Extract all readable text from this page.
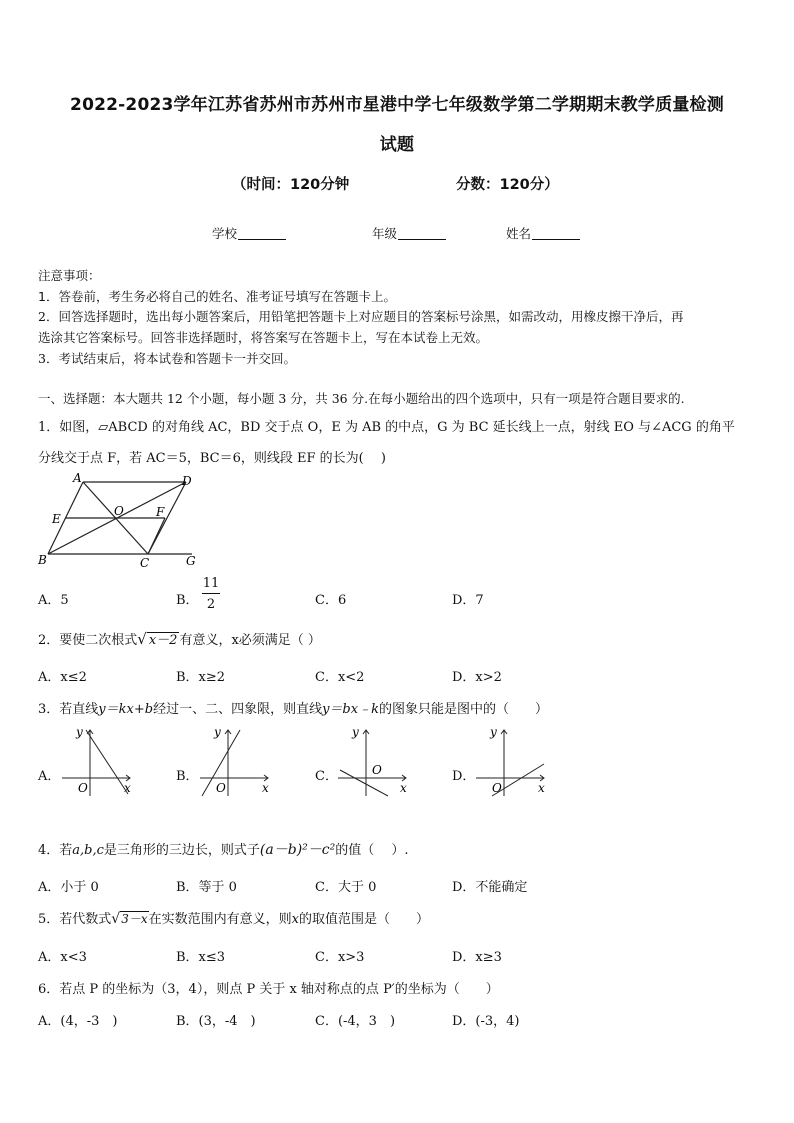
2022-2023学年江苏省苏州市苏州市星港中学七年级数学第二学期期末教学质量检测
试题
（时间：120分钟	分数：120分）
学校	年级	姓名
注意事项：
1．答卷前，考生务必将自己的姓名、准考证号填写在答题卡上。
2．回答选择题时，选出每小题答案后，用铅笔把答题卡上对应题目的答案标号涂黑，如需改动，用橡皮擦干净后，再
选涂其它答案标号。回答非选择题时，将答案写在答题卡上，写在本试卷上无效。
3．考试结束后，将本试卷和答题卡一并交回。
一、选择题：本大题共 12 个小题，每小题 3 分，共 36 分.在每小题给出的四个选项中，只有一项是符合题目要求的.
1．如图，▱ABCD 的对角线 AC，BD 交于点 O，E 为 AB 的中点，G 为 BC 延长线上一点，射线 EO 与∠ACG 的角平
分线交于点 F，若 AC＝5，BC＝6，则线段 EF 的长为(　 )
A	D
O
E	F
B	C	G
A．5	B．
11
2	C．6	D．7
2．要使二次根式√ x－2 有意义，x必须满足（ ）
A．x≤2	B．x≥2	C．x<2	D．x>2
3．若直线y＝kx+b经过一、二、四象限，则直线y＝bx﹣k的图象只能是图中的（　　）
A．
y
x
O
B．
y
x
O
C．
y
x
O	D．
y
x
O
4．若a,b,c是三角形的三边长，则式子(a－b)²－c²的值（　 ）.
A．小于 0	B．等于 0	C．大于 0	D．不能确定
5．若代数式√3－x在实数范围内有意义，则x的取值范围是（　　）
A．x<3	B．x≤3	C．x>3	D．x≥3
6．若点 P 的坐标为（3，4），则点 P 关于 x 轴对称点的点 P′的坐标为（　　）
A．(4，-3　)	B．(3，-4　)	C．(-4，3　)	D．(-3，4)
